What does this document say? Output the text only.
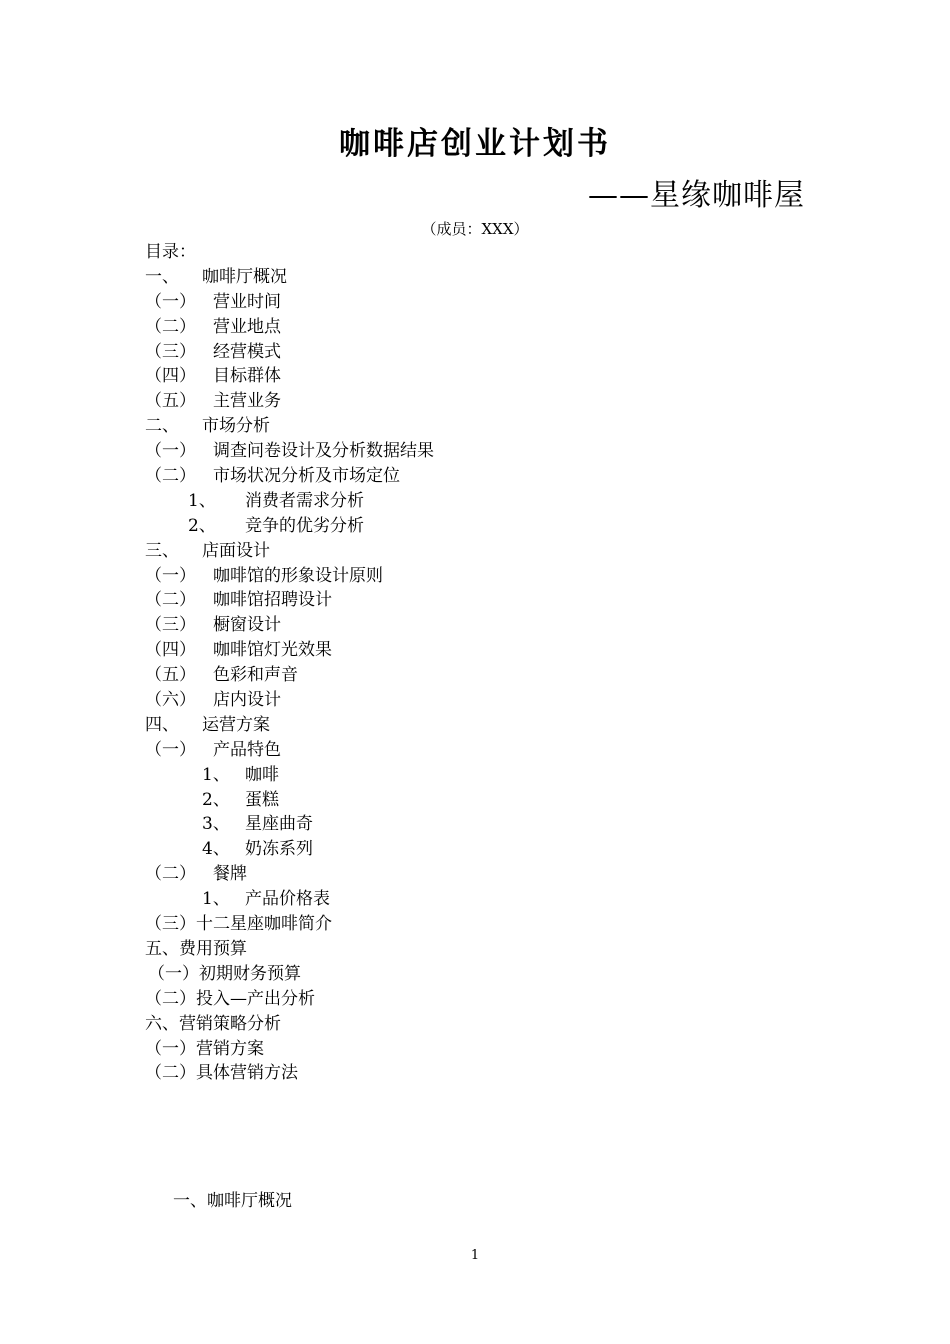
咖啡店创业计划书
——星缘咖啡屋
（成员：XXX）
目录：
一、 咖啡厅概况
（一） 营业时间
（二） 营业地点
（三） 经营模式
（四） 目标群体
（五） 主营业务
二、 市场分析
（一） 调查问卷设计及分析数据结果
（二） 市场状况分析及市场定位
1、 消费者需求分析
2、 竞争的优劣分析
三、 店面设计
（一） 咖啡馆的形象设计原则
（二） 咖啡馆招聘设计
（三） 橱窗设计
（四） 咖啡馆灯光效果
（五） 色彩和声音
（六） 店内设计
四、 运营方案
（一） 产品特色
1、 咖啡
2、 蛋糕
3、 星座曲奇
4、 奶冻系列
（二） 餐牌
1、 产品价格表
（三）十二星座咖啡简介
五、费用预算
（一）初期财务预算
（二）投入—产出分析
六、营销策略分析
（一）营销方案
（二）具体营销方法
一、咖啡厅概况
1
